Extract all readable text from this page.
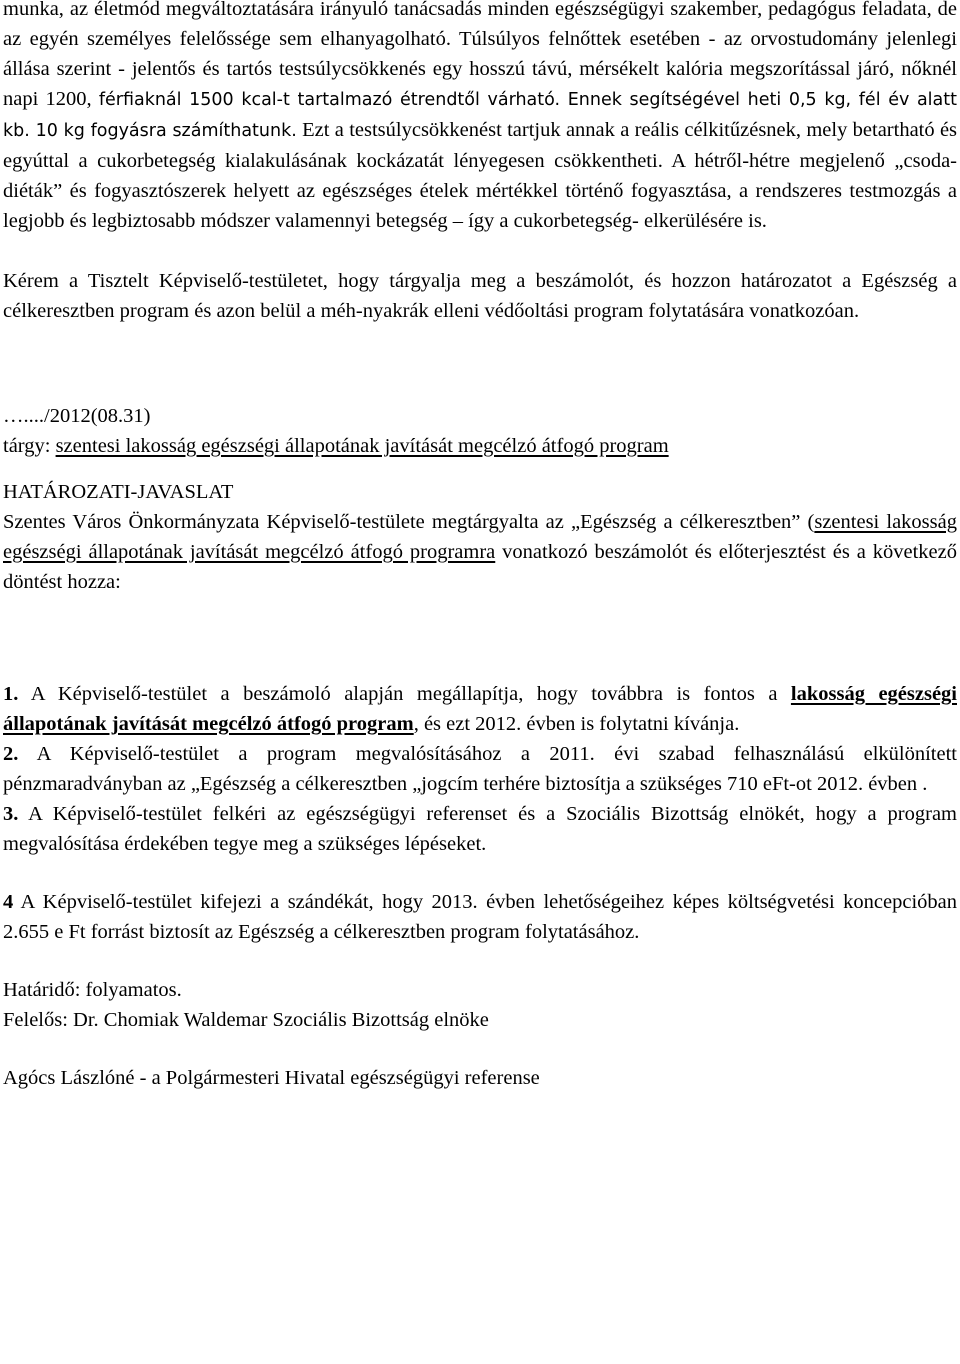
munka, az életmód megváltoztatására irányuló tanácsadás minden egészségügyi szakember, pedagógus feladata, de az egyén személyes felelőssége sem elhanyagolható. Túlsúlyos felnőttek esetében - az orvostudomány jelenlegi állása szerint - jelentős és tartós testsúlycsökkenés egy hosszú távú, mérsékelt kalória megszorítással járó, nőknél napi 1200, férfiaknál 1500 kcal-t tartalmazó étrendtől várható. Ennek segítségével heti 0,5 kg, fél év alatt kb. 10 kg fogyásra számíthatunk. Ezt a testsúlycsökkenést tartjuk annak a reális célkitűzésnek, mely betartható és egyúttal a cukorbetegség kialakulásának kockázatát lényegesen csökkentheti. A hétről-hétre megjelenő „csoda-diéták” és fogyasztószerek helyett az egészséges ételek mértékkel történő fogyasztása, a rendszeres testmozgás a legjobb és legbiztosabb módszer valamennyi betegség – így a cukorbetegség- elkerülésére is.

Kérem a Tisztelt Képviselő-testületet, hogy tárgyalja meg a beszámolót, és hozzon határozatot a Egészség a célkeresztben program és azon belül a méh-nyakrák elleni védőoltási program folytatására vonatkozóan.

…..../2012(08.31)

tárgy: szentesi lakosság egészségi állapotának javítását megcélzó átfogó program

HATÁROZATI-JAVASLAT

Szentes Város Önkormányzata Képviselő-testülete megtárgyalta az „Egészség a célkeresztben” (szentesi lakosság egészségi állapotának javítását megcélzó átfogó programra vonatkozó beszámolót és előterjesztést és a következő döntést hozza:

1. A Képviselő-testület a beszámoló alapján megállapítja, hogy továbbra is fontos a lakosság egészségi állapotának javítását megcélzó átfogó program, és ezt 2012. évben is folytatni kívánja.

2. A Képviselő-testület a program megvalósításához a 2011. évi szabad felhasználású elkülönített pénzmaradványban az „Egészség a célkeresztben „jogcím terhére biztosítja a szükséges 710 eFt-ot 2012. évben .

3. A Képviselő-testület felkéri az egészségügyi referenset és a Szociális Bizottság elnökét, hogy a program megvalósítása érdekében tegye meg a szükséges lépéseket.

4 A Képviselő-testület kifejezi a szándékát, hogy 2013. évben lehetőségeihez képes költségvetési koncepcióban 2.655 e Ft forrást biztosít az Egészség a célkeresztben program folytatásához.

Határidő: folyamatos.

Felelős: Dr. Chomiak Waldemar Szociális Bizottság elnöke

Agócs Lászlóné - a Polgármesteri Hivatal egészségügyi referense
